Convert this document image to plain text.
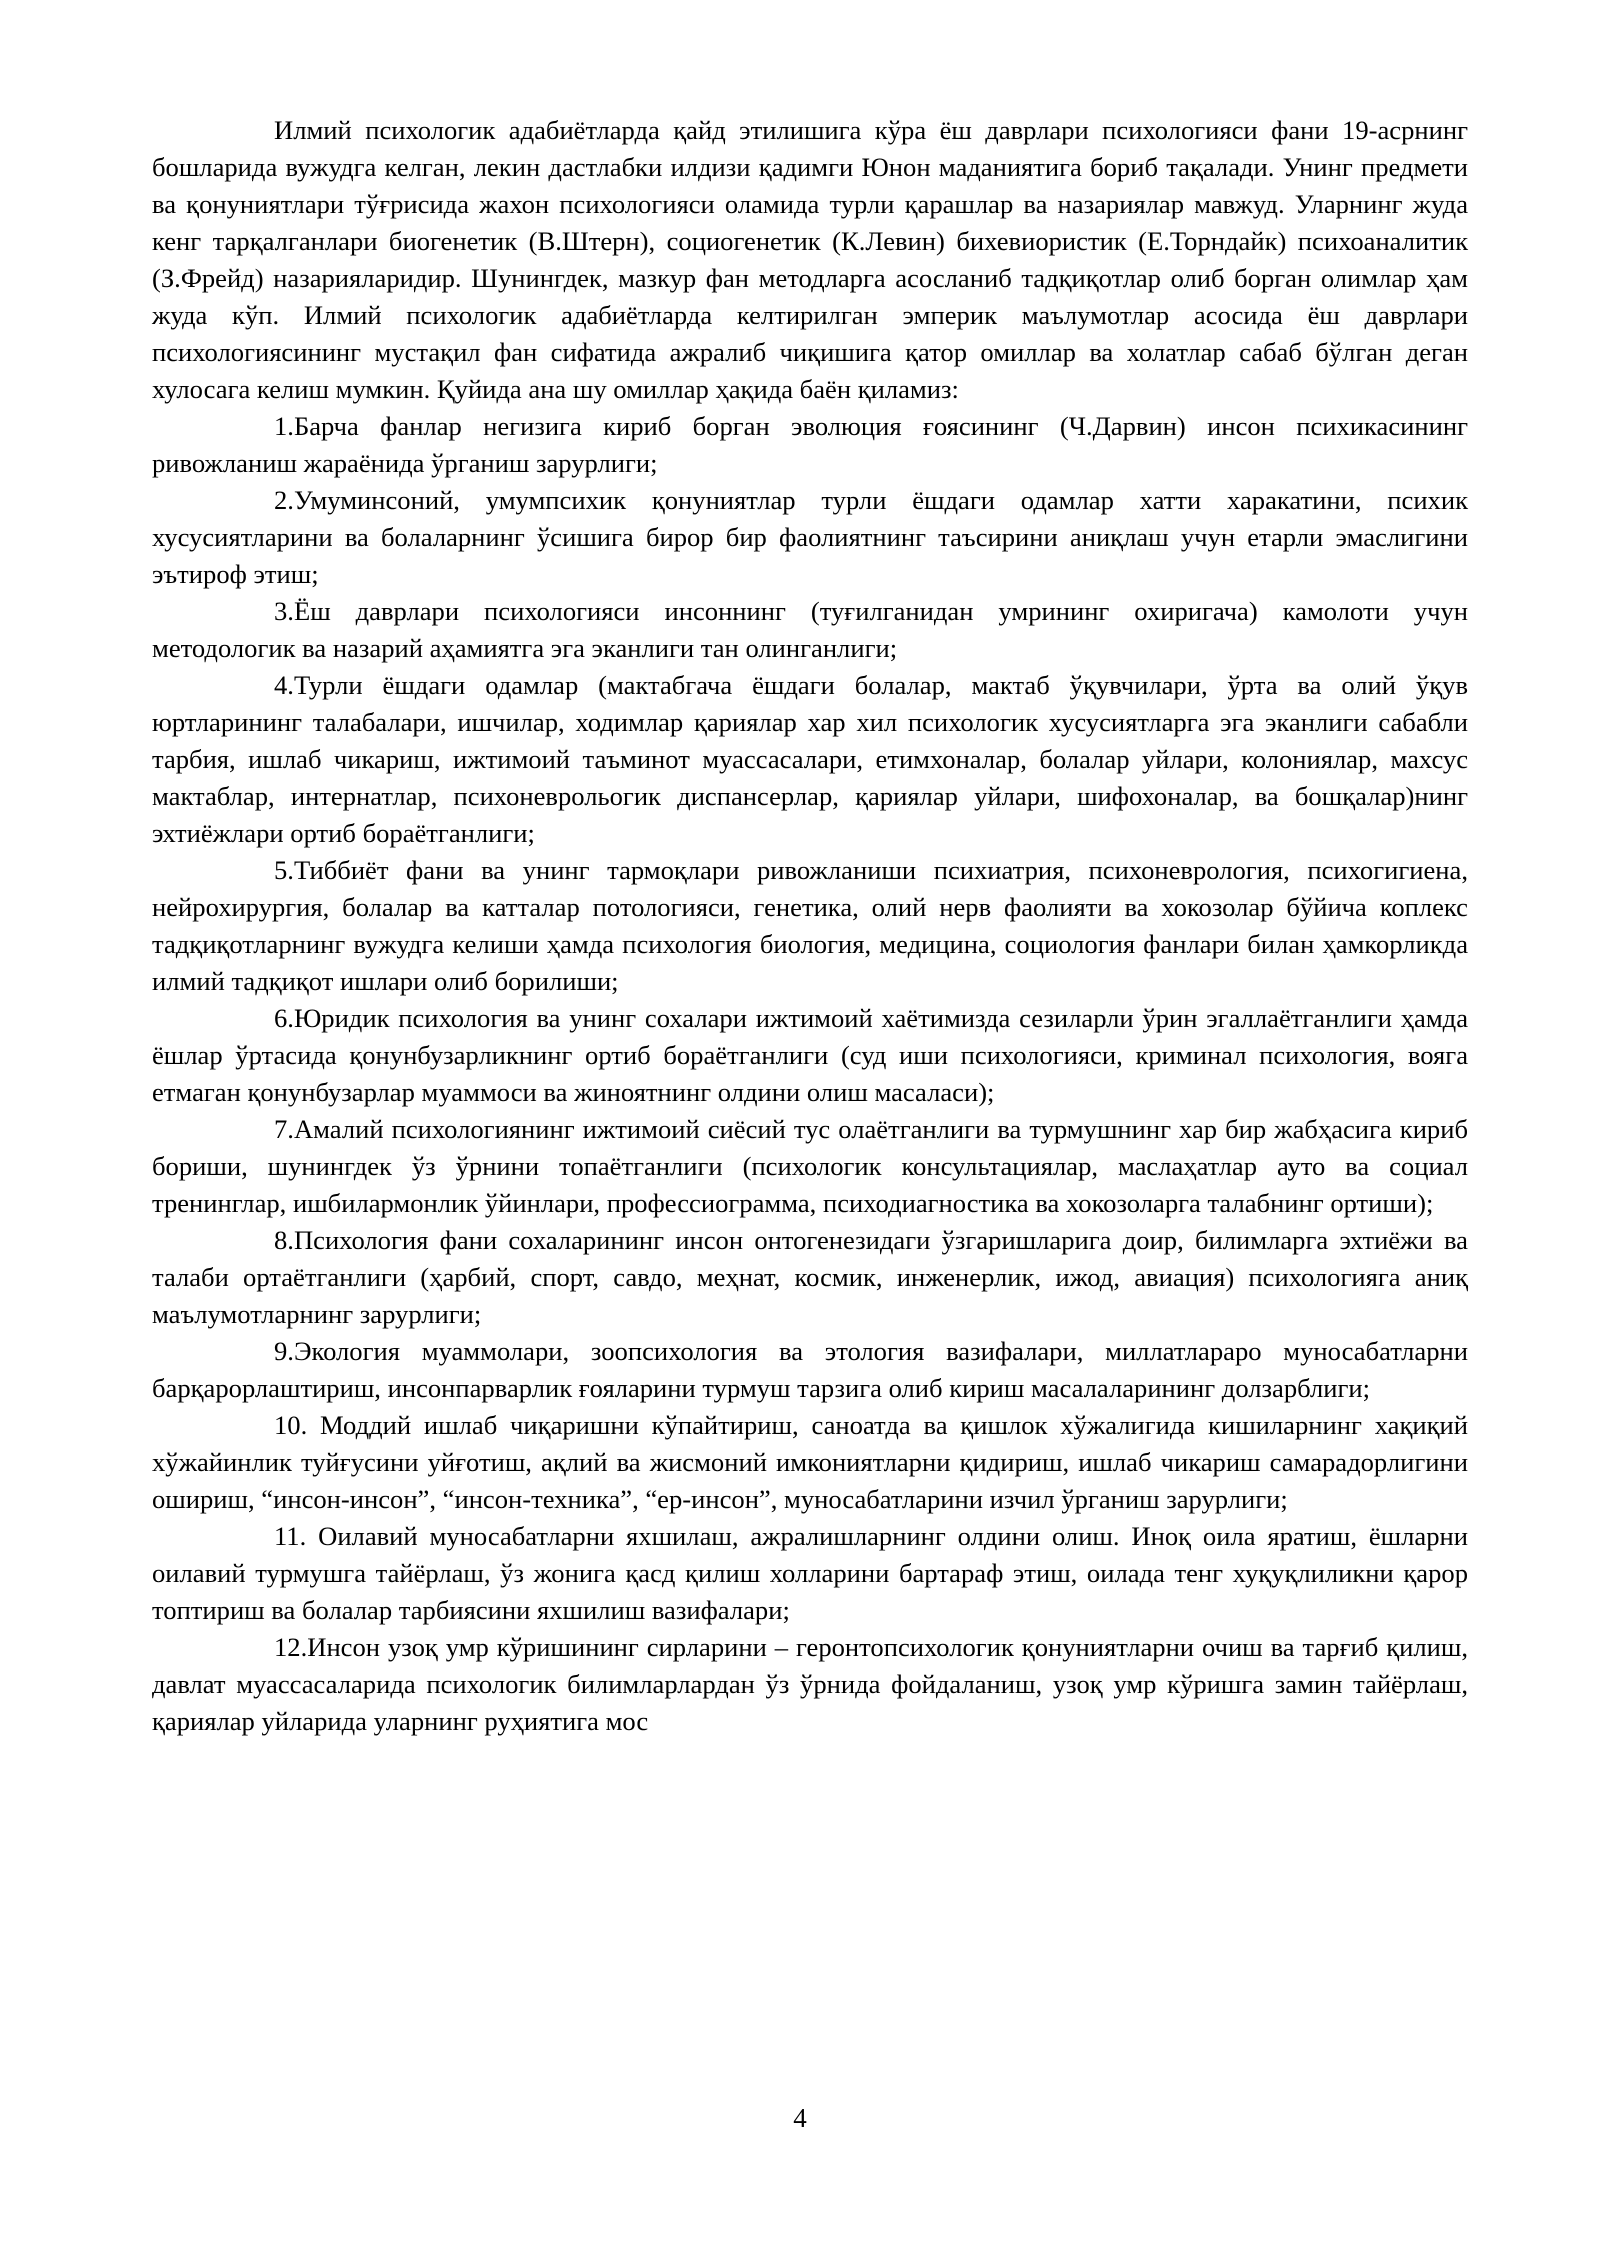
Илмий психологик адабиётларда қайд этилишига кўра ёш даврлари психологияси фани 19-асрнинг бошларида вужудга келган, лекин дастлабки илдизи қадимги Юнон маданиятига бориб тақалади. Унинг предмети ва қонуниятлари тўғрисида жахон психологияси оламида турли қарашлар ва назариялар мавжуд. Уларнинг жуда кенг тарқалганлари биогенетик (В.Штерн), социогенетик (К.Левин) бихевиористик (Е.Торндайк) психоаналитик (З.Фрейд) назарияларидир. Шунингдек, мазкур фан методларга асосланиб тадқиқотлар олиб борган олимлар ҳам жуда кўп. Илмий психологик адабиётларда келтирилган эмперик маълумотлар асосида ёш даврлари психологиясининг мустақил фан сифатида ажралиб чиқишига қатор омиллар ва холатлар сабаб бўлган деган хулосага келиш мумкин. Қуйида ана шу омиллар ҳақида баён қиламиз:

1.Барча фанлар негизига кириб борган эволюция ғоясининг (Ч.Дарвин) инсон психикасининг ривожланиш жараёнида ўрганиш зарурлиги;

2.Умуминсоний, умумпсихик қонуниятлар турли ёшдаги одамлар хатти харакатини, психик хусусиятларини ва болаларнинг ўсишига бирор бир фаолиятнинг таъсирини аниқлаш учун етарли эмаслигини эътироф этиш;

3.Ёш даврлари психологияси инсоннинг (туғилганидан умрининг охиригача) камолоти учун методологик ва назарий аҳамиятга эга эканлиги тан олинганлиги;

4.Турли ёшдаги одамлар (мактабгача ёшдаги болалар, мактаб ўқувчилари, ўрта ва олий ўқув юртларининг талабалари, ишчилар, ходимлар қариялар хар хил психологик хусусиятларга эга эканлиги сабабли тарбия, ишлаб чикариш, ижтимоий таъминот муассасалари, етимхоналар, болалар уйлари, колониялар, махсус мактаблар, интернатлар, психоневрольогик диспансерлар, қариялар уйлари, шифохоналар, ва бошқалар)нинг эхтиёжлари ортиб бораётганлиги;

5.Тиббиёт фани ва унинг тармоқлари ривожланиши психиатрия, психоневрология, психогигиена, нейрохирургия, болалар ва катталар потологияси, генетика, олий нерв фаолияти ва хокозолар бўйича коплекс тадқиқотларнинг вужудга келиши ҳамда психология биология, медицина, социология фанлари билан ҳамкорликда илмий тадқиқот ишлари олиб борилиши;

6.Юридик психология ва унинг сохалари ижтимоий хаётимизда сезиларли ўрин эгаллаётганлиги ҳамда ёшлар ўртасида қонунбузарликнинг ортиб бораётганлиги (суд иши психологияси, криминал психология, вояга етмаган қонунбузарлар муаммоси ва жиноятнинг олдини олиш масаласи);

7.Амалий психологиянинг ижтимоий сиёсий тус олаётганлиги ва турмушнинг хар бир жабҳасига кириб бориши, шунингдек ўз ўрнини топаётганлиги (психологик консультациялар, маслаҳатлар ауто ва социал тренинглар, ишбилармонлик ўйинлари, профессиограмма, психодиагностика ва хокозоларга талабнинг ортиши);

8.Психология фани сохаларининг инсон онтогенезидаги ўзгаришларига доир, билимларга эхтиёжи ва талаби ортаётганлиги (ҳарбий, спорт, савдо, меҳнат, космик, инженерлик, ижод, авиация) психологияга аниқ маълумотларнинг зарурлиги;

9.Экология муаммолари, зоопсихология ва этология вазифалари, миллатлараро муносабатларни барқарорлаштириш, инсонпарварлик ғояларини турмуш тарзига олиб кириш масалаларининг долзарблиги;

10. Моддий ишлаб чиқаришни кўпайтириш, саноатда ва қишлок хўжалигида кишиларнинг хақиқий хўжайинлик туйғусини уйғотиш, ақлий ва жисмоний имкониятларни қидириш, ишлаб чикариш самарадорлигини ошириш, “инсон-инсон”, “инсон-техника”, “ер-инсон”, муносабатларини изчил ўрганиш зарурлиги;

11. Оилавий муносабатларни яхшилаш, ажралишларнинг олдини олиш. Иноқ оила яратиш, ёшларни оилавий турмушга тайёрлаш, ўз жонига қасд қилиш холларини бартараф этиш, оилада тенг хуқуқлиликни қарор топтириш ва болалар тарбиясини яхшилиш вазифалари;

12.Инсон узоқ умр кўришининг сирларини – геронтопсихологик қонуниятларни очиш ва тарғиб қилиш, давлат муассасаларида психологик билимларлардан ўз ўрнида фойдаланиш, узоқ умр кўришга замин тайёрлаш, қариялар уйларида уларнинг руҳиятига мос

4
